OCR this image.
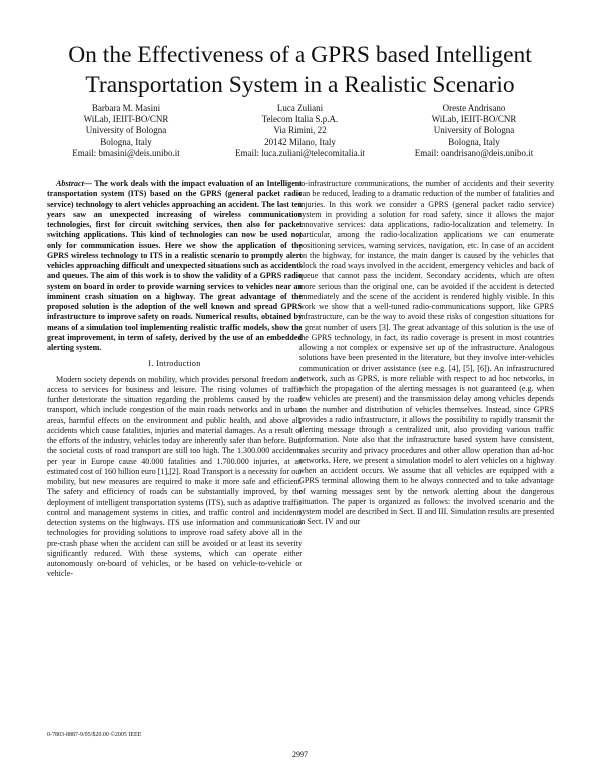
On the Effectiveness of a GPRS based Intelligent Transportation System in a Realistic Scenario
Barbara M. Masini
WiLab, IEIIT-BO/CNR
University of Bologna
Bologna, Italy
Email: bmasini@deis.unibo.it
Luca Zuliani
Telecom Italia S.p.A.
Via Rimini, 22
20142 Milano, Italy
Email: luca.zuliani@telecomitalia.it
Oreste Andrisano
WiLab, IEIIT-BO/CNR
University of Bologna
Bologna, Italy
Email: oandrisano@deis.unibo.it

Abstract— The work deals with the impact evaluation of an Intelligent transportation system (ITS) based on the GPRS (general packet radio service) technology to alert vehicles approaching an accident. The last ten years saw an unexpected increasing of wireless communication technologies, first for circuit switching services, then also for packet switching applications. This kind of technologies can now be used not only for communication issues. Here we show the application of the GPRS wireless technology to ITS in a realistic scenario to promptly alert vehicles approaching difficult and unexpected situations such as accidents and queues. The aim of this work is to show the validity of a GPRS radio system on board in order to provide warning services to vehicles near an imminent crash situation on a highway. The great advantage of the proposed solution is the adoption of the well known and spread GPRS infrastructure to improve safety on roads. Numerical results, obtained by means of a simulation tool implementing realistic traffic models, show the great improvement, in term of safety, derived by the use of an embedded alerting system.

I. Introduction

Modern society depends on mobility, which provides personal freedom and access to services for business and leisure. The rising volumes of traffic further deteriorate the situation regarding the problems caused by the road transport, which include congestion of the main roads networks and in urban areas, harmful effects on the environment and public health, and above all, accidents which cause fatalities, injuries and material damages. As a result of the efforts of the industry, vehicles today are inherently safer than before. But, the societal costs of road transport are still too high. The 1.300.000 accidents per year in Europe cause 40.000 fatalities and 1.700.000 injuries, at an estimated cost of 160 billion euro [1],[2]. Road Transport is a necessity for our mobility, but new measures are required to make it more safe and efficient. The safety and efficiency of roads can be substantially improved, by the deployment of intelligent transportation systems (ITS), such as adaptive traffic control and management systems in cities, and traffic control and incidents detection systems on the highways. ITS use information and communication technologies for providing solutions to improve road safety above all in the pre-crash phase when the accident can still be avoided or at least its severity significantly reduced. With these systems, which can operate either autonomously on-board of vehicles, or be based on vehicle-to-vehicle or vehicle-

to-infrastructure communications, the number of accidents and their severity can be reduced, leading to a dramatic reduction of the number of fatalities and injuries. In this work we consider a GPRS (general packet radio service) system in providing a solution for road safety, since it allows the major innovative services: data applications, radio-localization and telemetry. In particular, among the radio-localization applications we can enumerate positioning services, warning services, navigation, etc. In case of an accident on the highway, for instance, the main danger is caused by the vehicles that block the road ways involved in the accident, emergency vehicles and back of queue that cannot pass the incident. Secondary accidents, which are often more serious than the original one, can be avoided if the accident is detected immediately and the scene of the accident is rendered highly visible. In this work we show that a well-tuned radio-communications support, like GPRS infrastructure, can be the way to avoid these risks of congestion situations for a great number of users [3]. The great advantage of this solution is the use of the GPRS technology, in fact, its radio coverage is present in most countries allowing a not complex or expensive set up of the infrastructure. Analogous solutions have been presented in the literature, but they involve inter-vehicles communication or driver assistance (see e.g. [4], [5], [6]). An infrastructured network, such as GPRS, is more reliable with respect to ad hoc networks, in which the propagation of the alerting messages is not guaranteed (e.g. when few vehicles are present) and the transmission delay among vehicles depends on the number and distribution of vehicles themselves. Instead, since GPRS provides a radio infrastructure, it allows the possibility to rapidly transmit the alerting message through a centralized unit, also providing various traffic information. Note also that the infrastructure based system have consistent, makes security and privacy procedures and other allow operation than ad-hoc networks. Here, we present a simulation model to alert vehicles on a highway when an accident occurs. We assume that all vehicles are equipped with a GPRS terminal allowing them to be always connected and to take advantage of warning messages sent by the network alerting about the dangerous situation. The paper is organized as follows: the involved scenario and the system model are described in Sect. II and III. Simulation results are presented in Sect. IV and our

0-7803-8887-9/05/$20.00 ©2005 IEEE
2997
